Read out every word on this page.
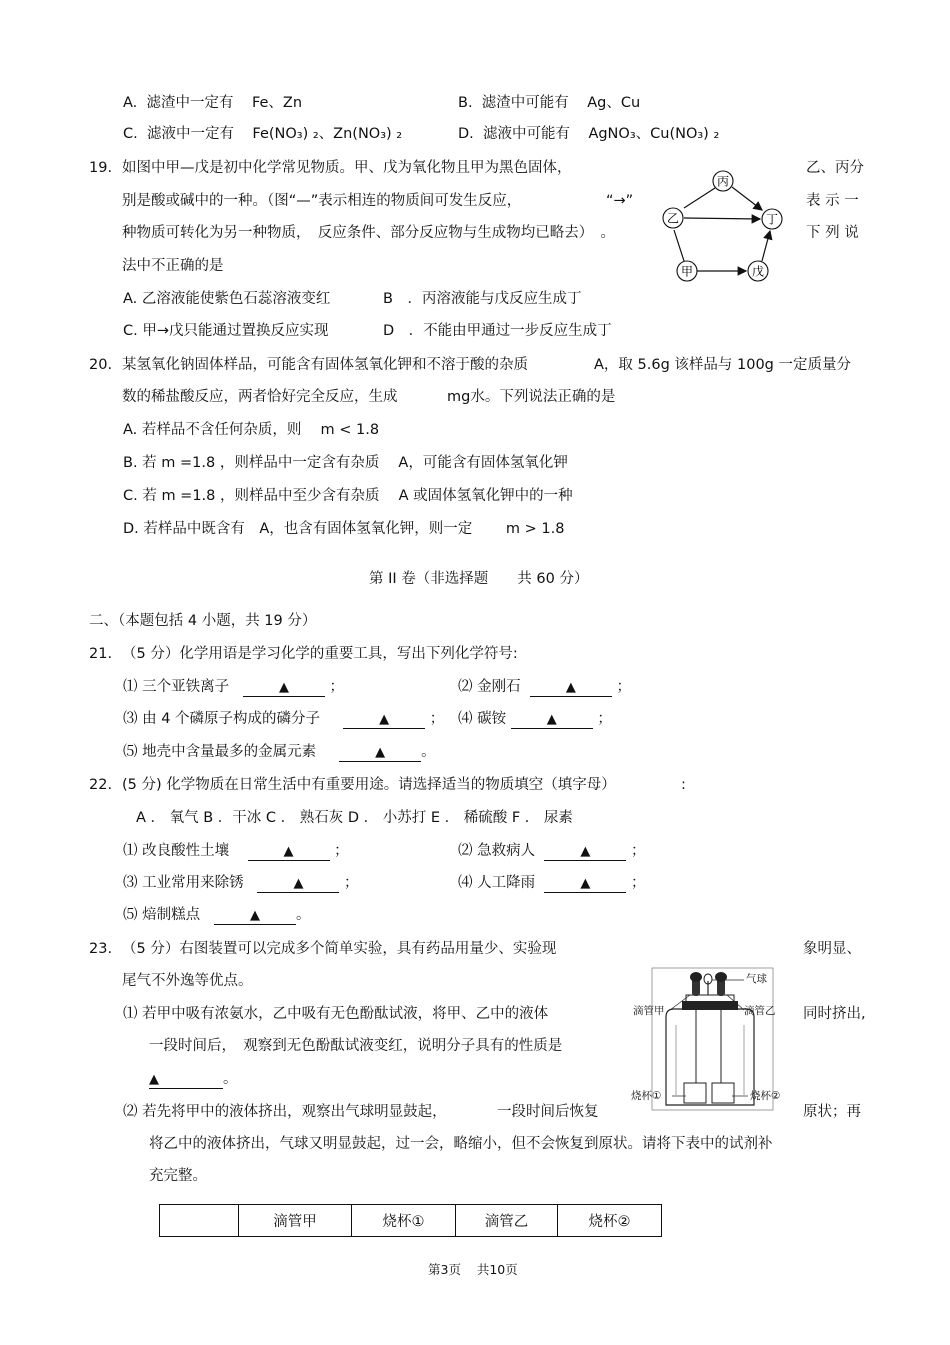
A. 滤渣中一定有 Fe、Zn	B. 滤渣中可能有 Ag、Cu
C. 滤液中一定有 Fe(NO₃) ₂、Zn(NO₃) ₂	D. 滤液中可能有 AgNO₃、Cu(NO₃) ₂
19. 如图中甲—戊是初中化学常见物质。甲、戊为氧化物且甲为黑色固体，	乙、丙分
别是酸或碱中的一种。（图“—”表示相连的物质间可发生反应，	“→”	表 示 一
种物质可转化为另一种物质，　反应条件、部分反应物与生成物均已略去）　。	下 列 说
法中不正确的是
A. 乙溶液能使紫色石蕊溶液变红	B　．丙溶液能与戊反应生成丁
C. 甲→戊只能通过置换反应实现	D　．不能由甲通过一步反应生成丁
丙
乙	丁
甲	戊
20. 某氢氧化钠固体样品，可能含有固体氢氧化钾和不溶于酸的杂质	A，取 5.6g 该样品与 100g 一定质量分
数的稀盐酸反应，两者恰好完全反应，生成	mg水。下列说法正确的是
A. 若样品不含任何杂质，则　 m < 1.8
B. 若 m =1.8 ，则样品中一定含有杂质　 A，可能含有固体氢氧化钾
C. 若 m =1.8 ，则样品中至少含有杂质　 A 或固体氢氧化钾中的一种
D. 若样品中既含有　A，也含有固体氢氧化钾，则一定　　 m > 1.8
第 II 卷（非选择题　　共 60 分）
二、（本题包括 4 小题，共 19 分）
21. （5 分）化学用语是学习化学的重要工具，写出下列化学符号:
⑴ 三个亚铁离子	▲	；	⑵ 金刚石	▲	；
⑶ 由 4 个磷原子构成的磷分子	▲	； ⑷ 碳铵	▲	；
⑸ 地壳中含量最多的金属元素	▲ 。
22. (5 分) 化学物质在日常生活中有重要用途。请选择适当的物质填空（填字母）	:
A ． 氧气 B ．干冰 C ． 熟石灰 D ． 小苏打 E ． 稀硫酸 F ． 尿素
⑴ 改良酸性土壤	▲	；	⑵ 急救病人	▲	；
⑶ 工业常用来除锈	▲	；	⑷ 人工降雨	▲	；
⑸ 焙制糕点	▲ 。
23. （5 分）右图装置可以完成多个简单实验，具有药品用量少、实验现	象明显、
尾气不外逸等优点。
⑴ 若甲中吸有浓氨水，乙中吸有无色酚酞试液，将甲、乙中的液体	同时挤出,
一段时间后，　观察到无色酚酞试液变红，说明分子具有的性质是
▲	。
⑵ 若先将甲中的液体挤出，观察出气球明显鼓起，	一段时间后恢复	原状；再
将乙中的液体挤出，气球又明显鼓起，过一会，略缩小，但不会恢复到原状。请将下表中的试剂补
充完整。
气球
滴管甲	滴管乙
烧杯①	烧杯②
	滴管甲	烧杯①	滴管乙	烧杯②
第3页 共10页
